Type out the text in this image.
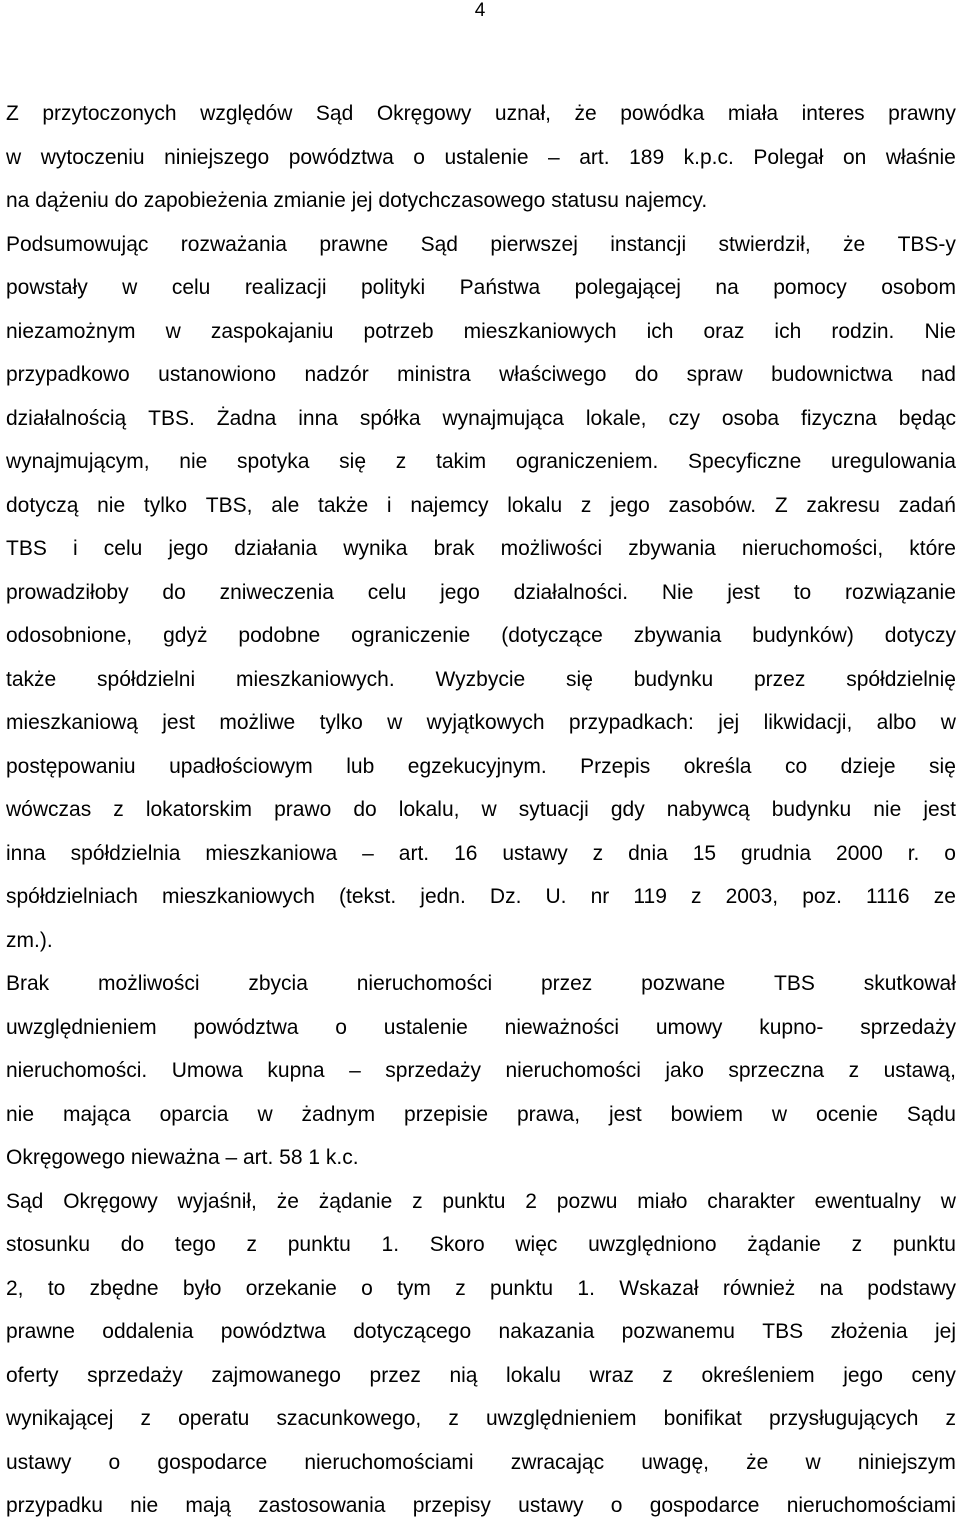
4
Z przytoczonych względów Sąd Okręgowy uznał, że powódka miała interes prawny
w wytoczeniu niniejszego powództwa o ustalenie – art. 189 k.p.c. Polegał on właśnie
na dążeniu do zapobieżenia zmianie jej dotychczasowego statusu najemcy.
Podsumowując rozważania prawne Sąd pierwszej instancji stwierdził, że TBS-y
powstały w celu realizacji polityki Państwa polegającej na pomocy osobom
niezamożnym w zaspokajaniu potrzeb mieszkaniowych ich oraz ich rodzin. Nie
przypadkowo ustanowiono nadzór ministra właściwego do spraw budownictwa nad
działalnością TBS. Żadna inna spółka wynajmująca lokale, czy osoba fizyczna będąc
wynajmującym, nie spotyka się z takim ograniczeniem. Specyficzne uregulowania
dotyczą nie tylko TBS, ale także i najemcy lokalu z jego zasobów. Z zakresu zadań
TBS i celu jego działania wynika brak możliwości zbywania nieruchomości, które
prowadziłoby do zniweczenia celu jego działalności. Nie jest to rozwiązanie
odosobnione, gdyż podobne ograniczenie (dotyczące zbywania budynków) dotyczy
także spółdzielni mieszkaniowych. Wyzbycie się budynku przez spółdzielnię
mieszkaniową jest możliwe tylko w wyjątkowych przypadkach: jej likwidacji, albo w
postępowaniu upadłościowym lub egzekucyjnym. Przepis określa co dzieje się
wówczas z lokatorskim prawo do lokalu, w sytuacji gdy nabywcą budynku nie jest
inna spółdzielnia mieszkaniowa – art. 16 ustawy z dnia 15 grudnia 2000 r. o
spółdzielniach mieszkaniowych (tekst. jedn. Dz. U. nr 119 z 2003, poz. 1116 ze
zm.).
Brak możliwości zbycia nieruchomości przez pozwane TBS skutkował
uwzględnieniem powództwa o ustalenie nieważności umowy kupno- sprzedaży
nieruchomości. Umowa kupna – sprzedaży nieruchomości jako sprzeczna z ustawą,
nie mająca oparcia w żadnym przepisie prawa, jest bowiem w ocenie Sądu
Okręgowego nieważna – art. 58 1 k.c.
Sąd Okręgowy wyjaśnił, że żądanie z punktu 2 pozwu miało charakter ewentualny w
stosunku do tego z punktu 1. Skoro więc uwzględniono żądanie z punktu
2, to zbędne było orzekanie o tym z punktu 1. Wskazał również na podstawy
prawne oddalenia powództwa dotyczącego nakazania pozwanemu TBS złożenia jej
oferty sprzedaży zajmowanego przez nią lokalu wraz z określeniem jego ceny
wynikającej z operatu szacunkowego, z uwzględnieniem bonifikat przysługujących z
ustawy o gospodarce nieruchomościami zwracając uwagę, że w niniejszym
przypadku nie mają zastosowania przepisy ustawy o gospodarce nieruchomościami
